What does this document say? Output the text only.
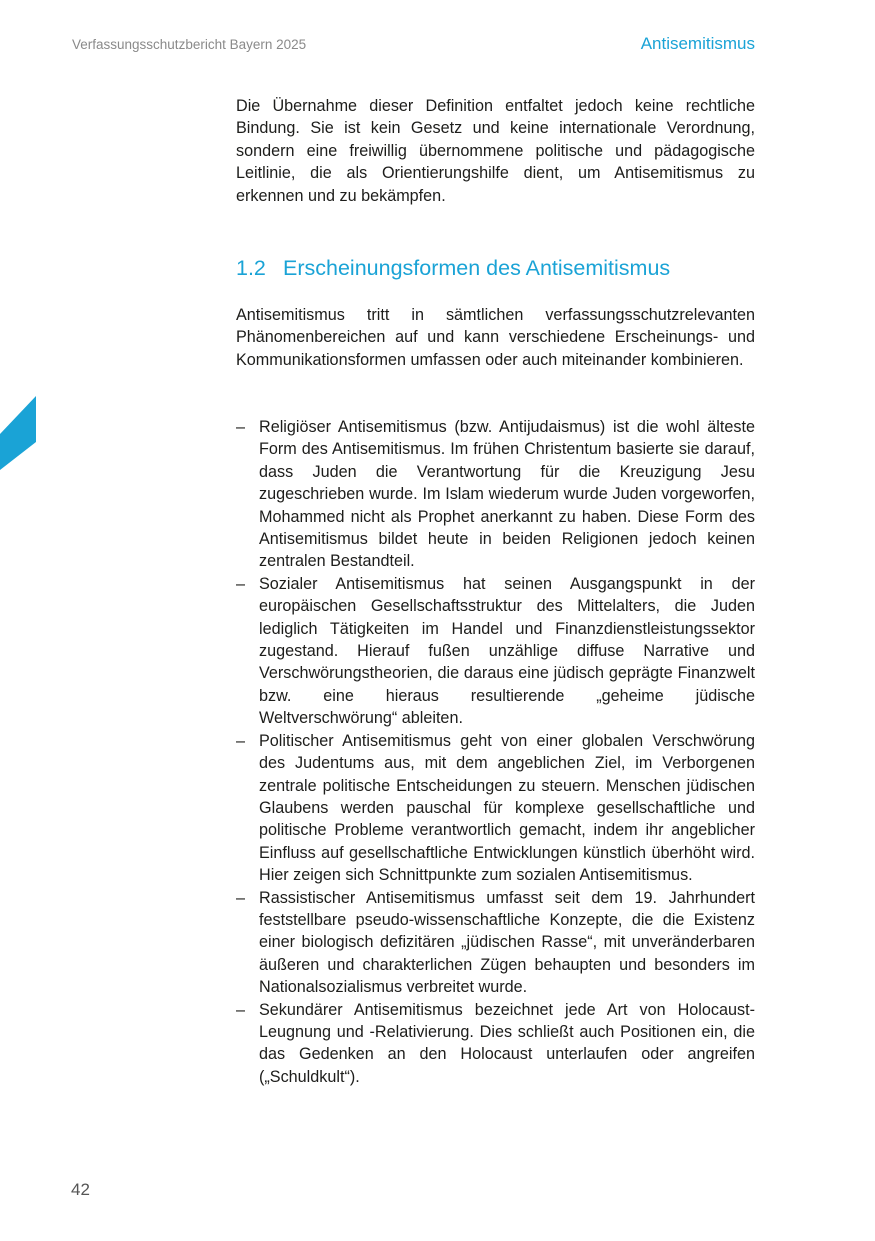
Verfassungsschutzbericht Bayern 2025	Antisemitismus

Die Übernahme dieser Definition entfaltet jedoch keine rechtliche Bindung. Sie ist kein Gesetz und keine internationale Verordnung, sondern eine freiwillig übernommene politische und pädagogische Leitlinie, die als Orientierungshilfe dient, um Antisemitismus zu erkennen und zu bekämpfen.

1.2 Erscheinungsformen des Antisemitismus

Antisemitismus tritt in sämtlichen verfassungsschutzrelevanten Phänomenbereichen auf und kann verschiedene Erscheinungs- und Kommunikationsformen umfassen oder auch miteinander kombinieren.

– Religiöser Antisemitismus (bzw. Antijudaismus) ist die wohl älteste Form des Antisemitismus. Im frühen Christentum basierte sie darauf, dass Juden die Verantwortung für die Kreuzigung Jesu zugeschrieben wurde. Im Islam wiederum wurde Juden vorgeworfen, Mohammed nicht als Prophet anerkannt zu haben. Diese Form des Antisemitismus bildet heute in beiden Religionen jedoch keinen zentralen Bestandteil.
– Sozialer Antisemitismus hat seinen Ausgangspunkt in der europäischen Gesellschaftsstruktur des Mittelalters, die Juden lediglich Tätigkeiten im Handel und Finanzdienstleistungssektor zugestand. Hierauf fußen unzählige diffuse Narrative und Verschwörungstheorien, die daraus eine jüdisch geprägte Finanzwelt bzw. eine hieraus resultierende „geheime jüdische Weltverschwörung“ ableiten.
– Politischer Antisemitismus geht von einer globalen Verschwörung des Judentums aus, mit dem angeblichen Ziel, im Verborgenen zentrale politische Entscheidungen zu steuern. Menschen jüdischen Glaubens werden pauschal für komplexe gesellschaftliche und politische Probleme verantwortlich gemacht, indem ihr angeblicher Einfluss auf gesellschaftliche Entwicklungen künstlich überhöht wird. Hier zeigen sich Schnittpunkte zum sozialen Antisemitismus.
– Rassistischer Antisemitismus umfasst seit dem 19. Jahrhundert feststellbare pseudo-wissenschaftliche Konzepte, die die Existenz einer biologisch defizitären „jüdischen Rasse“, mit unveränderbaren äußeren und charakterlichen Zügen behaupten und besonders im Nationalsozialismus verbreitet wurde.
– Sekundärer Antisemitismus bezeichnet jede Art von Holocaust-Leugnung und -Relativierung. Dies schließt auch Positionen ein, die das Gedenken an den Holocaust unterlaufen oder angreifen („Schuldkult“).
42
